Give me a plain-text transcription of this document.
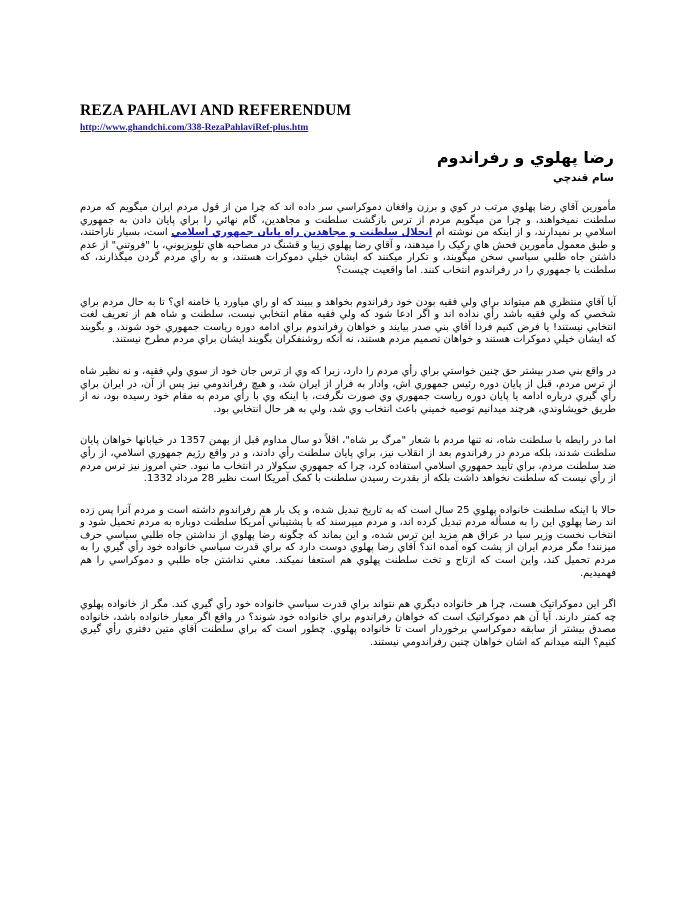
REZA PAHLAVI AND REFERENDUM
http://www.ghandchi.com/338-RezaPahlaviRef-plus.htm
رضا پهلوي و رفراندوم
سام قندچي

مأمورين آقاي رضا پهلوي مرتب در کوي و برزن وافغان دموکراسي سر داده اند که چرا من از قول مردم ايران ميگويم که مردم سلطنت نميخواهند، و چرا من ميگويم مردم از ترس بازگشت سلطنت و مجاهدين، گام نهائي را براي پايان دادن به جمهوري اسلامي بر نميدارند، و از اينکه من نوشته ام انحلال سلطنت و مجاهدين راه پايان جمهوري اسلامي است، بسيار ناراحتند، و طبق معمول مأمورين فحش هاي رکيک را ميدهند، و آقاي رضا پهلوي زيبا و قشنگ در مصاحبه هاي تلويزيوني، با "فروتني" از عدم داشتن جاه طلبي سياسي سخن ميگويند، و تکرار ميکنند که ايشان خيلي دموکرات هستند، و به رأي مردم گردن ميگذارند، که سلطنت يا جمهوري را در رفراندوم انتخاب کنند. اما واقعيت چيست؟

آيا آقاي منتظري هم ميتواند براي ولي فقيه بودن خود رفراندوم بخواهد و ببيند که او راي مياورد يا خامنه اي؟ تا به حال مردم براي شخصي که ولي فقيه باشد رأي نداده اند و اگر ادعا شود که ولي فقيه مقام انتخابي نيست، سلطنت و شاه هم از تعريف لغت انتخابي نيستند! يا فرض کنيم فردا آقاي بني صدر بيايند و خواهان رفراندوم براي ادامه دوره رياست جمهوري خود شوند، و بگويند که ايشان خيلي دموکرات هستند و خواهان تصميم مردم هستند، نه آنکه روشنفکران بگويند ايشان براي مردم مطرح نيستند.

در واقع بني صدر بيشتر حق چنين خواستي براي رأي مردم را دارد، زيرا که وي از ترس جان خود از سوي ولي فقيه، و نه نظير شاه از ترس مردم، قبل از پايان دوره رئيس جمهوري اش، وادار به فرار از ايران شد، و هيچ رفراندومي نيز پس از آن، در ايران براي رأي گيري درباره ادامه يا پايان دوره رياست جمهوري وي صورت نگرفت، با اينکه وي با رأي مردم به مقام خود رسيده بود، نه از طريق خويشاوندي، هرچند ميدانيم توصيه خميني باعث انتخاب وي شد، ولي به هر حال انتخابي بود.

اما در رابطه با سلطنت شاه، نه تنها مردم با شعار "مرگ بر شاه"، اقلاً دو سال مداوم قبل از بهمن 1357 در خيابانها خواهان پايان سلطنت شدند، بلکه مردم در رفراندوم بعد از انقلاب نيز، براي پايان سلطنت رأي دادند، و در واقع رژيم جمهوري اسلامي، از رأي ضد سلطنت مردم، براي تأييد حمهوري اسلامي استفاده کرد، چرا که جمهوري سکولار در انتخاب ما نبود. حتي امروز نيز ترس مردم از رأي نيست که سلطنت نخواهد داشت بلکه از بقدرت رسيدن سلطنت با کمک آمريکا است نظير 28 مرداد 1332.

حالا با اينکه سلطنت خانواده پهلوي 25 سال است که به تاريخ تبديل شده، و يک بار هم رفراندوم داشته است و مردم آنرا پس زده اند رضا پهلوي اين را به مسأله مردم تبديل کرده اند، و مردم ميپرسند که با پشتيباني آمريکا سلطنت دوباره به مردم تحميل شود و انتخاب نخست وزير سيا در عراق هم مزيد اين ترس شده، و اين بماند که چگونه رضا پهلوي از نداشتن جاه طلبي سياسي حرف ميزنند! مگر مردم ايران از پشت کوه آمده اند؟ آقاي رضا پهلوي دوست دارد که براي قدرت سياسي خانواده خود رأي گيري را به مردم تحميل کند، واين است که ازتاج و تخت سلطنت پهلوي هم استعفا نميکند. معني نداشتن جاه طلبي و دموکراسي را هم فهميديم.

اگر اين دموکراتيک هست، چرا هر خانواده ديگري هم نتواند براي قدرت سياسي خانواده خود رأي گيري کند. مگر از خانواده پهلوي چه کمتر دارند. آيا آن هم دموکراتيک است که خواهان رفراندوم براي خانواده خود شوند؟ در واقع اگر معيار خانواده باشد، خانواده مصدق بيشتر از سابقه دموکراسي برخوردار است تا خانواده پهلوي. چطور است که براي سلطنت آقاي متين دفتري رأي گيري کنيم؟ البته ميدانم که اشان خواهان چنين رفراندومي نيستند.
